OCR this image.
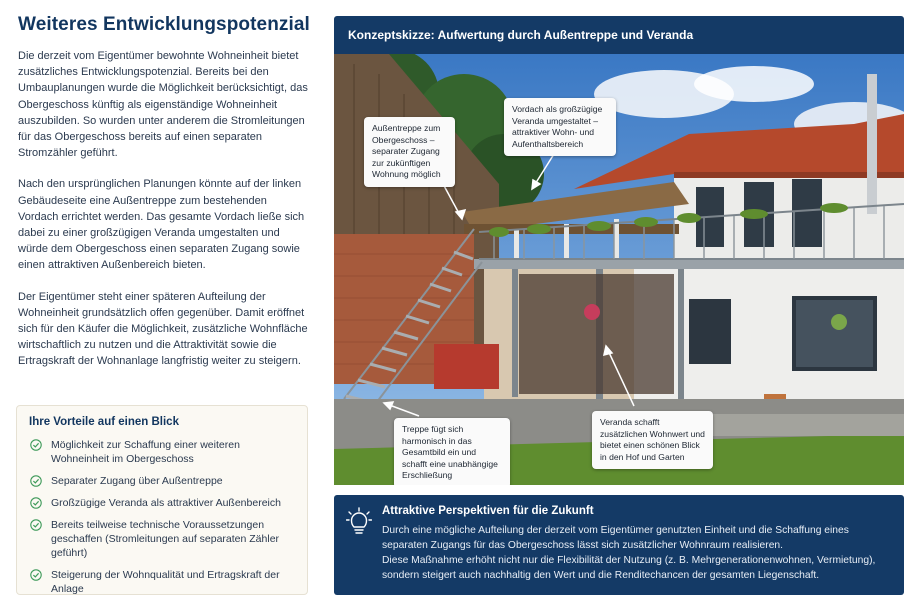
Weiteres Entwicklungspotenzial

Die derzeit vom Eigentümer bewohnte Wohneinheit bietet zusätzliches Entwicklungspotenzial. Bereits bei den Umbauplanungen wurde die Möglichkeit berücksichtigt, das Obergeschoss künftig als eigenständige Wohneinheit auszubilden. So wurden unter anderem die Stromleitungen für das Obergeschoss bereits auf einen separaten Stromzähler geführt.

Nach den ursprünglichen Planungen könnte auf der linken Gebäudeseite eine Außentreppe zum bestehenden Vordach errichtet werden. Das gesamte Vordach ließe sich dabei zu einer großzügigen Veranda umgestalten und würde dem Obergeschoss einen separaten Zugang sowie einen attraktiven Außenbereich bieten.

Der Eigentümer steht einer späteren Aufteilung der Wohneinheit grundsätzlich offen gegenüber. Damit eröffnet sich für den Käufer die Möglichkeit, zusätzliche Wohnfläche wirtschaftlich zu nutzen und die Attraktivität sowie die Ertragskraft der Wohnanlage langfristig weiter zu steigern.

Ihre Vorteile auf einen Blick
Möglichkeit zur Schaffung einer weiteren Wohneinheit im Obergeschoss
Separater Zugang über Außentreppe
Großzügige Veranda als attraktiver Außenbereich
Bereits teilweise technische Voraussetzungen geschaffen (Stromleitungen auf separaten Zähler geführt)
Steigerung der Wohnqualität und Ertragskraft der Anlage
Konzeptskizze: Aufwertung durch Außentreppe und Veranda
Außentreppe zum Obergeschoss – separater Zugang zur zukünftigen Wohnung möglich
Vordach als großzügige Veranda umgestaltet – attraktiver Wohn- und Aufenthaltsbereich
Treppe fügt sich harmonisch in das Gesamtbild ein und schafft eine unabhängige Erschließung
Veranda schafft zusätzlichen Wohnwert und bietet einen schönen Blick in den Hof und Garten
Attraktive Perspektiven für die Zukunft

Durch eine mögliche Aufteilung der derzeit vom Eigentümer genutzten Einheit und die Schaffung eines separaten Zugangs für das Obergeschoss lässt sich zusätzlicher Wohnraum realisieren.
Diese Maßnahme erhöht nicht nur die Flexibilität der Nutzung (z. B. Mehrgenerationenwohnen, Vermietung), sondern steigert auch nachhaltig den Wert und die Renditechancen der gesamten Liegenschaft.
